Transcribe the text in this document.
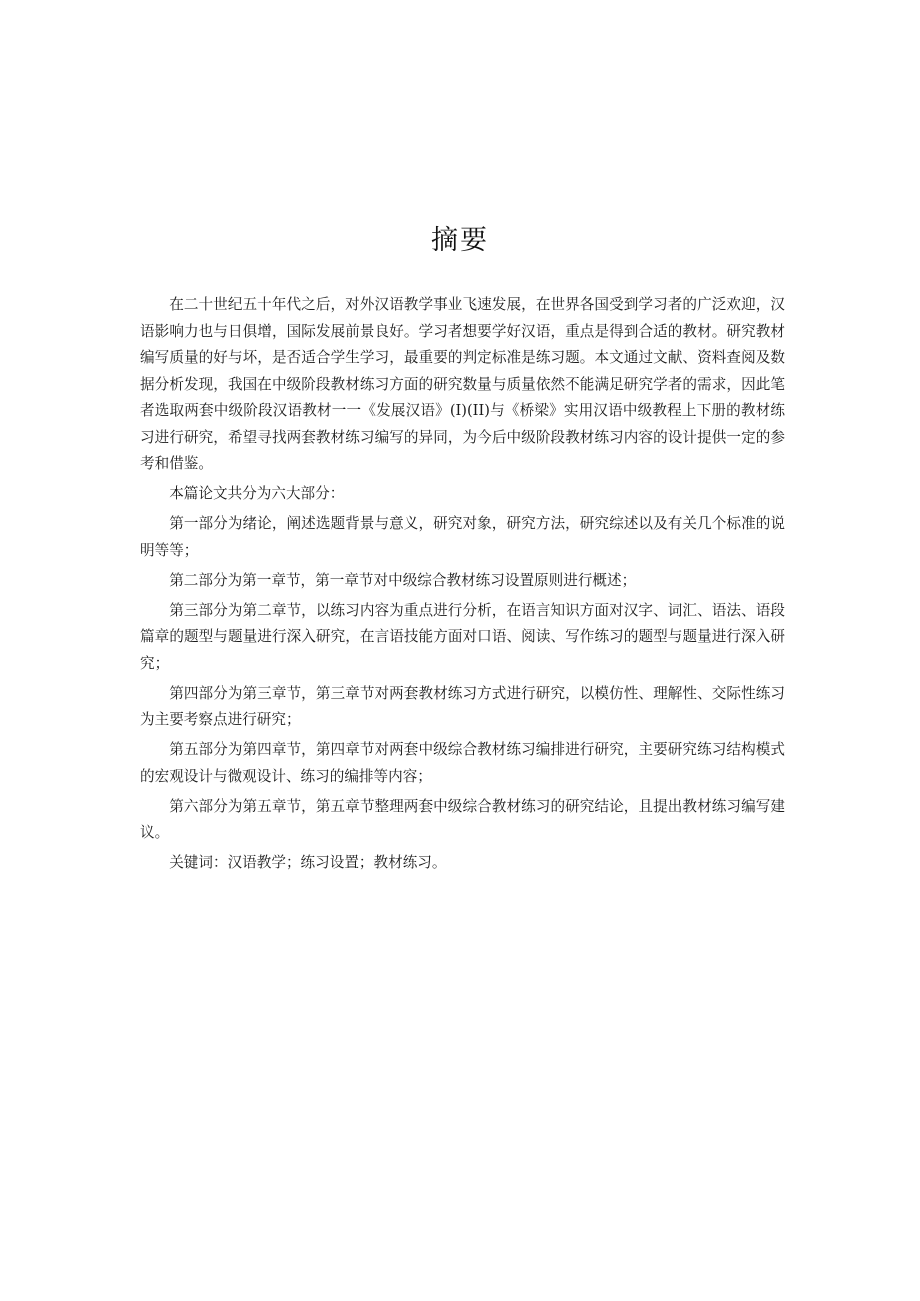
摘要

在二十世纪五十年代之后，对外汉语教学事业飞速发展，在世界各国受到学习者的广泛欢迎，汉语影响力也与日俱增，国际发展前景良好。学习者想要学好汉语，重点是得到合适的教材。研究教材编写质量的好与坏，是否适合学生学习，最重要的判定标准是练习题。本文通过文献、资料查阅及数据分析发现，我国在中级阶段教材练习方面的研究数量与质量依然不能满足研究学者的需求，因此笔者选取两套中级阶段汉语教材一一《发展汉语》(I)(II)与《桥梁》实用汉语中级教程上下册的教材练习进行研究，希望寻找两套教材练习编写的异同，为今后中级阶段教材练习内容的设计提供一定的参考和借鉴。

本篇论文共分为六大部分：

第一部分为绪论，阐述选题背景与意义，研究对象，研究方法，研究综述以及有关几个标准的说明等等；

第二部分为第一章节，第一章节对中级综合教材练习设置原则进行概述；

第三部分为第二章节，以练习内容为重点进行分析，在语言知识方面对汉字、词汇、语法、语段篇章的题型与题量进行深入研究，在言语技能方面对口语、阅读、写作练习的题型与题量进行深入研究；

第四部分为第三章节，第三章节对两套教材练习方式进行研究，以模仿性、理解性、交际性练习为主要考察点进行研究；

第五部分为第四章节，第四章节对两套中级综合教材练习编排进行研究，主要研究练习结构模式的宏观设计与微观设计、练习的编排等内容；

第六部分为第五章节，第五章节整理两套中级综合教材练习的研究结论，且提出教材练习编写建议。

关键词：汉语教学；练习设置；教材练习。
